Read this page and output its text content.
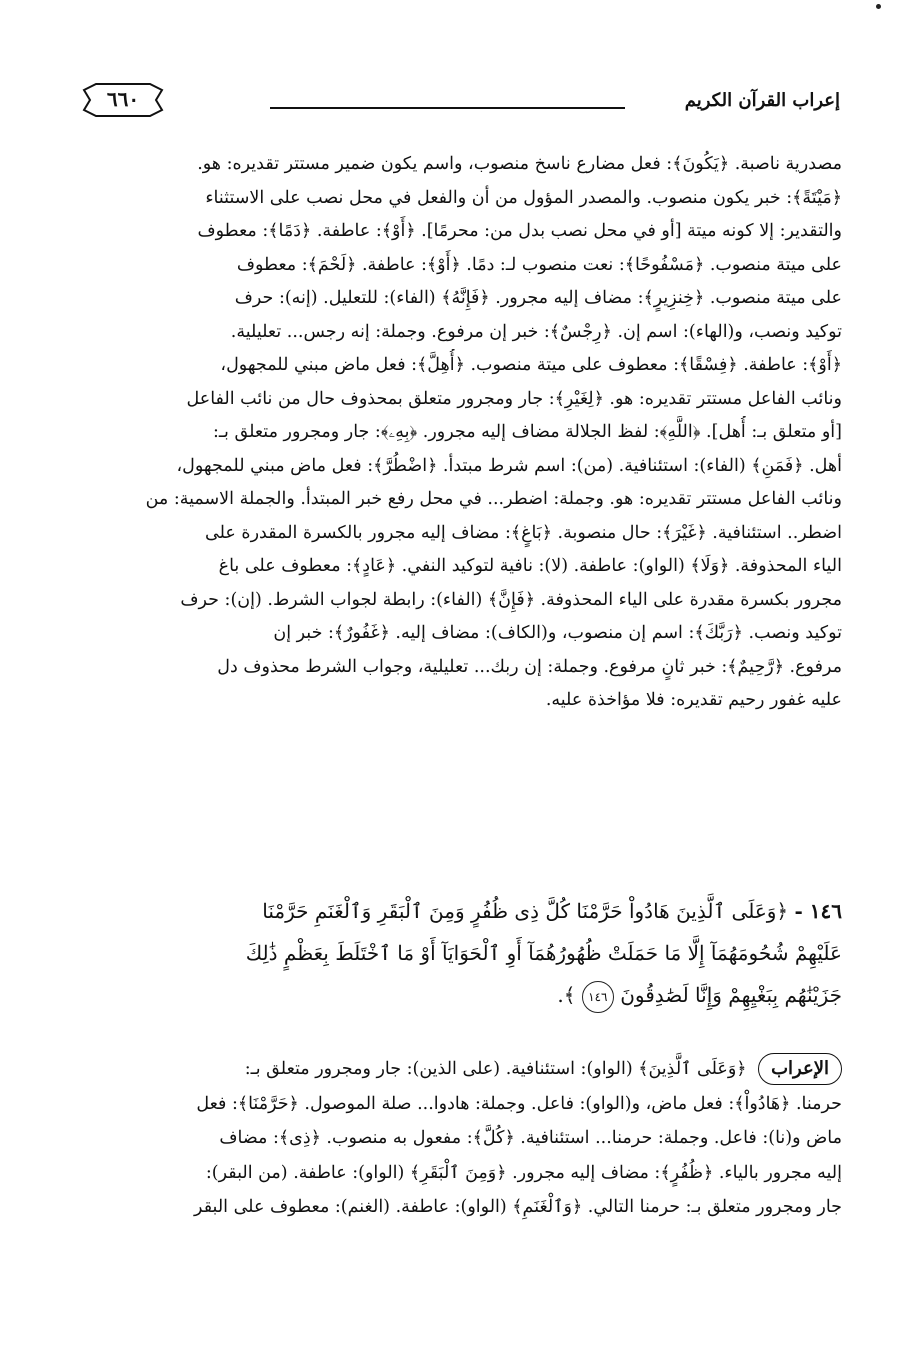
إعراب القرآن الكريم
٦٦٠
مصدرية ناصبة. ﴿يَكُونَ﴾: فعل مضارع ناسخ منصوب، واسم يكون ضمير مستتر تقديره: هو.
﴿مَيْتَةً﴾: خبر يكون منصوب. والمصدر المؤول من أن والفعل في محل نصب على الاستثناء
والتقدير: إلا كونه ميتة [أو في محل نصب بدل من: محرمًا]. ﴿أَوْ﴾: عاطفة. ﴿دَمًا﴾: معطوف
على ميتة منصوب. ﴿مَسْفُوحًا﴾: نعت منصوب لـ: دمًا. ﴿أَوْ﴾: عاطفة. ﴿لَحْمَ﴾: معطوف
على ميتة منصوب. ﴿خِنزِيرٍ﴾: مضاف إليه مجرور. ﴿فَإِنَّهُ﴾ (الفاء): للتعليل. (إنه): حرف
توكيد ونصب، و(الهاء): اسم إن. ﴿رِجْسٌ﴾: خبر إن مرفوع. وجملة: إنه رجس... تعليلية.
﴿أَوْ﴾: عاطفة. ﴿فِسْقًا﴾: معطوف على ميتة منصوب. ﴿أُهِلَّ﴾: فعل ماض مبني للمجهول،
ونائب الفاعل مستتر تقديره: هو. ﴿لِغَيْرِ﴾: جار ومجرور متعلق بمحذوف حال من نائب الفاعل
[أو متعلق بـ: أُهل]. ﴿اللَّهِ﴾: لفظ الجلالة مضاف إليه مجرور. ﴿بِهِۦ﴾: جار ومجرور متعلق بـ:
أهل. ﴿فَمَنِ﴾ (الفاء): استئنافية. (من): اسم شرط مبتدأ. ﴿اضْطُرَّ﴾: فعل ماض مبني للمجهول،
ونائب الفاعل مستتر تقديره: هو. وجملة: اضطر... في محل رفع خبر المبتدأ. والجملة الاسمية: من
اضطر.. استئنافية. ﴿غَيْرَ﴾: حال منصوبة. ﴿بَاغٍ﴾: مضاف إليه مجرور بالكسرة المقدرة على
الياء المحذوفة. ﴿وَلَا﴾ (الواو): عاطفة. (لا): نافية لتوكيد النفي. ﴿عَادٍ﴾: معطوف على باغ
مجرور بكسرة مقدرة على الياء المحذوفة. ﴿فَإِنَّ﴾ (الفاء): رابطة لجواب الشرط. (إن): حرف
توكيد ونصب. ﴿رَبَّكَ﴾: اسم إن منصوب، و(الكاف): مضاف إليه. ﴿غَفُورٌ﴾: خبر إن
مرفوع. ﴿رَّحِيمٌ﴾: خبر ثانٍ مرفوع. وجملة: إن ربك... تعليلية، وجواب الشرط محذوف دل
عليه غفور رحيم تقديره: فلا مؤاخذة عليه.
١٤٦ - ﴿وَعَلَى ٱلَّذِينَ هَادُواْ حَرَّمْنَا كُلَّ ذِى ظُفُرٍ وَمِنَ ٱلْبَقَرِ وَٱلْغَنَمِ حَرَّمْنَا
عَلَيْهِمْ شُحُومَهُمَآ إِلَّا مَا حَمَلَتْ ظُهُورُهُمَآ أَوِ ٱلْحَوَايَآ أَوْ مَا ٱخْتَلَطَ بِعَظْمٍ ذَٰلِكَ
جَزَيْنَٰهُم بِبَغْيِهِمْ وَإِنَّا لَصَٰدِقُونَ ١٤٦ ﴾.
الإعراب ﴿وَعَلَى ٱلَّذِينَ﴾ (الواو): استئنافية. (على الذين): جار ومجرور متعلق بـ:
حرمنا. ﴿هَادُواْ﴾: فعل ماض، و(الواو): فاعل. وجملة: هادوا... صلة الموصول. ﴿حَرَّمْنَا﴾: فعل
ماض و(نا): فاعل. وجملة: حرمنا... استئنافية. ﴿كُلَّ﴾: مفعول به منصوب. ﴿ذِى﴾: مضاف
إليه مجرور بالياء. ﴿ظُفُرٍ﴾: مضاف إليه مجرور. ﴿وَمِنَ ٱلْبَقَرِ﴾ (الواو): عاطفة. (من البقر):
جار ومجرور متعلق بـ: حرمنا التالي. ﴿وَٱلْغَنَمِ﴾ (الواو): عاطفة. (الغنم): معطوف على البقر
